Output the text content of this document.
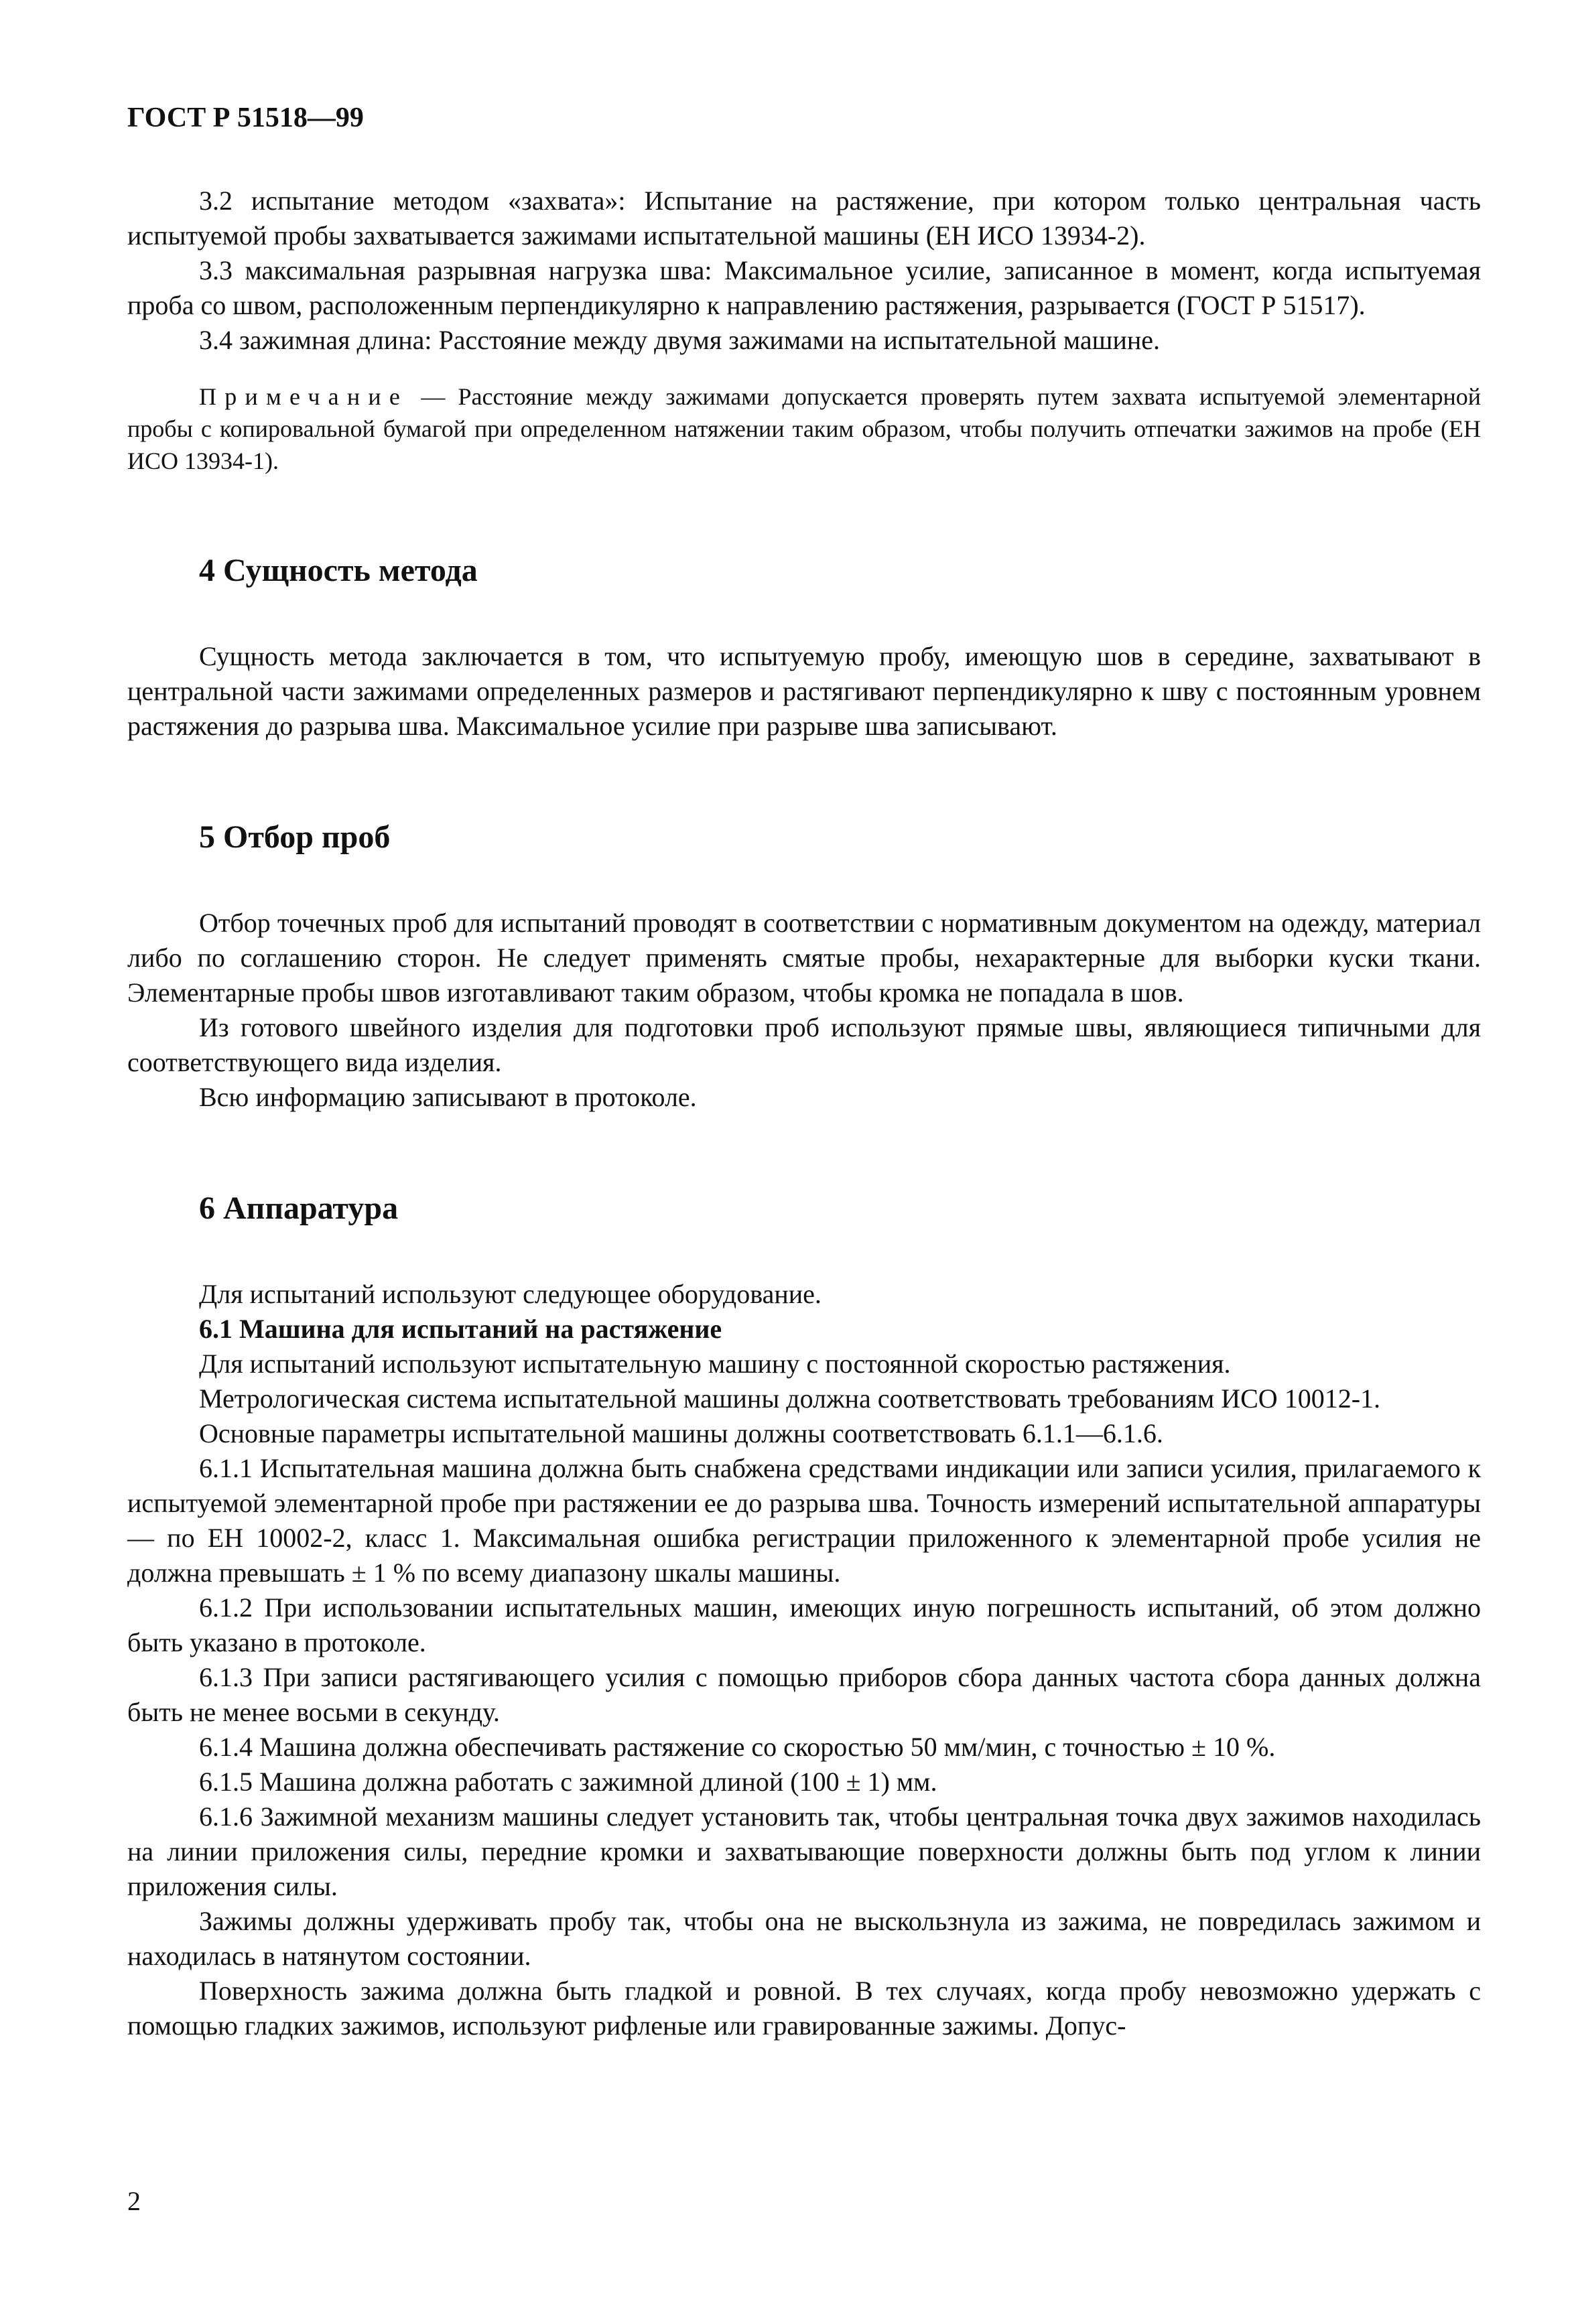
ГОСТ Р 51518—99

3.2 испытание методом «захвата»: Испытание на растяжение, при котором только центральная часть испытуемой пробы захватывается зажимами испытательной машины (ЕН ИСО 13934-2).

3.3 максимальная разрывная нагрузка шва: Максимальное усилие, записанное в момент, когда испытуемая проба со швом, расположенным перпендикулярно к направлению растяжения, разрывается (ГОСТ Р 51517).

3.4 зажимная длина: Расстояние между двумя зажимами на испытательной машине.

Примечание — Расстояние между зажимами допускается проверять путем захвата испытуемой элементарной пробы с копировальной бумагой при определенном натяжении таким образом, чтобы получить отпечатки зажимов на пробе (ЕН ИСО 13934-1).
4 Сущность метода

Сущность метода заключается в том, что испытуемую пробу, имеющую шов в середине, захватывают в центральной части зажимами определенных размеров и растягивают перпендикулярно к шву с постоянным уровнем растяжения до разрыва шва. Максимальное усилие при разрыве шва записывают.

5 Отбор проб

Отбор точечных проб для испытаний проводят в соответствии с нормативным документом на одежду, материал либо по соглашению сторон. Не следует применять смятые пробы, нехарактерные для выборки куски ткани. Элементарные пробы швов изготавливают таким образом, чтобы кромка не попадала в шов.

Из готового швейного изделия для подготовки проб используют прямые швы, являющиеся типичными для соответствующего вида изделия.

Всю информацию записывают в протоколе.

6 Аппаратура

Для испытаний используют следующее оборудование.

6.1 Машина для испытаний на растяжение

Для испытаний используют испытательную машину с постоянной скоростью растяжения.

Метрологическая система испытательной машины должна соответствовать требованиям ИСО 10012-1.

Основные параметры испытательной машины должны соответствовать 6.1.1—6.1.6.

6.1.1 Испытательная машина должна быть снабжена средствами индикации или записи усилия, прилагаемого к испытуемой элементарной пробе при растяжении ее до разрыва шва. Точность измерений испытательной аппаратуры — по ЕН 10002-2, класс 1. Максимальная ошибка регистрации приложенного к элементарной пробе усилия не должна превышать ± 1 % по всему диапазону шкалы машины.

6.1.2 При использовании испытательных машин, имеющих иную погрешность испытаний, об этом должно быть указано в протоколе.

6.1.3 При записи растягивающего усилия с помощью приборов сбора данных частота сбора данных должна быть не менее восьми в секунду.

6.1.4 Машина должна обеспечивать растяжение со скоростью 50 мм/мин, с точностью ± 10 %.

6.1.5 Машина должна работать с зажимной длиной (100 ± 1) мм.

6.1.6 Зажимной механизм машины следует установить так, чтобы центральная точка двух зажимов находилась на линии приложения силы, передние кромки и захватывающие поверхности должны быть под углом к линии приложения силы.

Зажимы должны удерживать пробу так, чтобы она не выскользнула из зажима, не повредилась зажимом и находилась в натянутом состоянии.

Поверхность зажима должна быть гладкой и ровной. В тех случаях, когда пробу невозможно удержать с помощью гладких зажимов, используют рифленые или гравированные зажимы. Допус-

2
